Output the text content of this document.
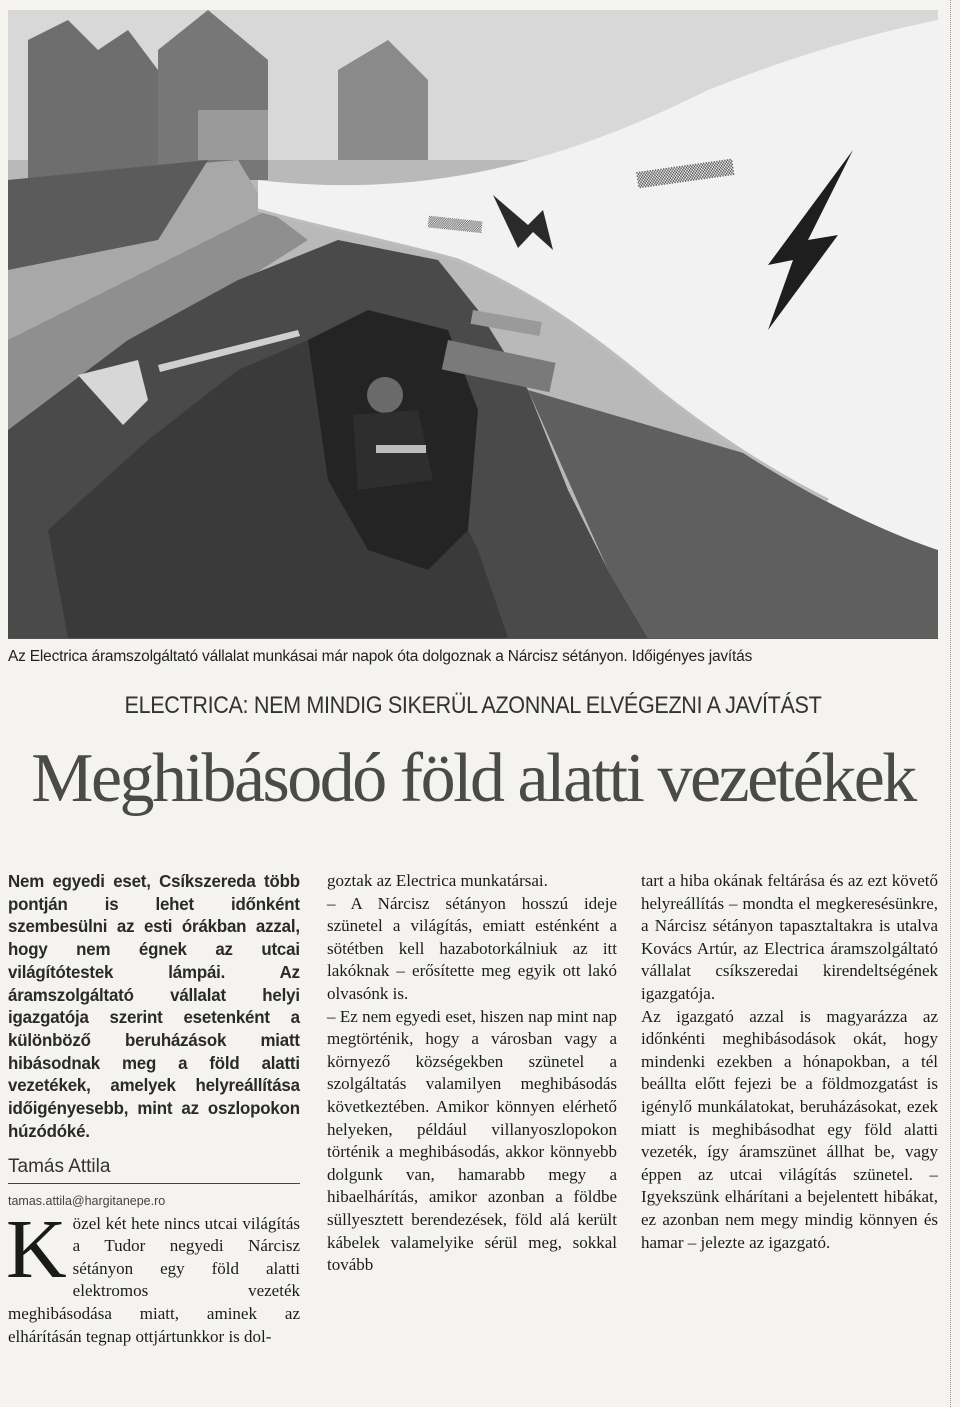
▒▒▒▒▒▒▒▒▒
▒▒▒▒▒▒▒
Az Electrica áramszolgáltató vállalat munkásai már napok óta dolgoznak a Nárcisz sétányon. Időigényes javítás
ELECTRICA: NEM MINDIG SIKERÜL AZONNAL ELVÉGEZNI A JAVÍTÁST
Meghibásodó föld alatti vezetékek

Nem egyedi eset, Csíkszereda több pontján is lehet időnként szembesülni az esti órákban azzal, hogy nem égnek az utcai világítótestek lámpái. Az áramszolgáltató vállalat helyi igazgatója szerint esetenként a különböző beruházások miatt hibásodnak meg a föld alatti vezetékek, amelyek helyreállítása időigényesebb, mint az oszlopokon húzódóké.

Tamás Attila
tamas.attila@hargitanepe.ro

Közel két hete nincs utcai világítás a Tudor negyedi Nárcisz sétányon egy föld alatti elektromos vezeték meghibásodása miatt, aminek az elhárításán tegnap ottjártunkkor is dol-

goztak az Electrica munkatársai.

– A Nárcisz sétányon hosszú ideje szünetel a világítás, emiatt esténként a sötétben kell hazabotorkálniuk az itt lakóknak – erősítette meg egyik ott lakó olvasónk is.

– Ez nem egyedi eset, hiszen nap mint nap megtörténik, hogy a városban vagy a környező községekben szünetel a szolgáltatás valamilyen meghibásodás következtében. Amikor könnyen elérhető helyeken, például villanyoszlopokon történik a meghibásodás, akkor könnyebb dolgunk van, hamarabb megy a hibaelhárítás, amikor azonban a földbe süllyesztett berendezések, föld alá került kábelek valamelyike sérül meg, sokkal tovább

tart a hiba okának feltárása és az ezt követő helyreállítás – mondta el megkeresésünkre, a Nárcisz sétányon tapasztaltakra is utalva Kovács Artúr, az Electrica áramszolgáltató vállalat csíkszeredai kirendeltségének igazgatója.

Az igazgató azzal is magyarázza az időnkénti meghibásodások okát, hogy mindenki ezekben a hónapokban, a tél beállta előtt fejezi be a földmozgatást is igénylő munkálatokat, beruházásokat, ezek miatt is meghibásodhat egy föld alatti vezeték, így áramszünet állhat be, vagy éppen az utcai világítás szünetel. – Igyekszünk elhárítani a bejelentett hibákat, ez azonban nem megy mindig könnyen és hamar – jelezte az igazgató.
